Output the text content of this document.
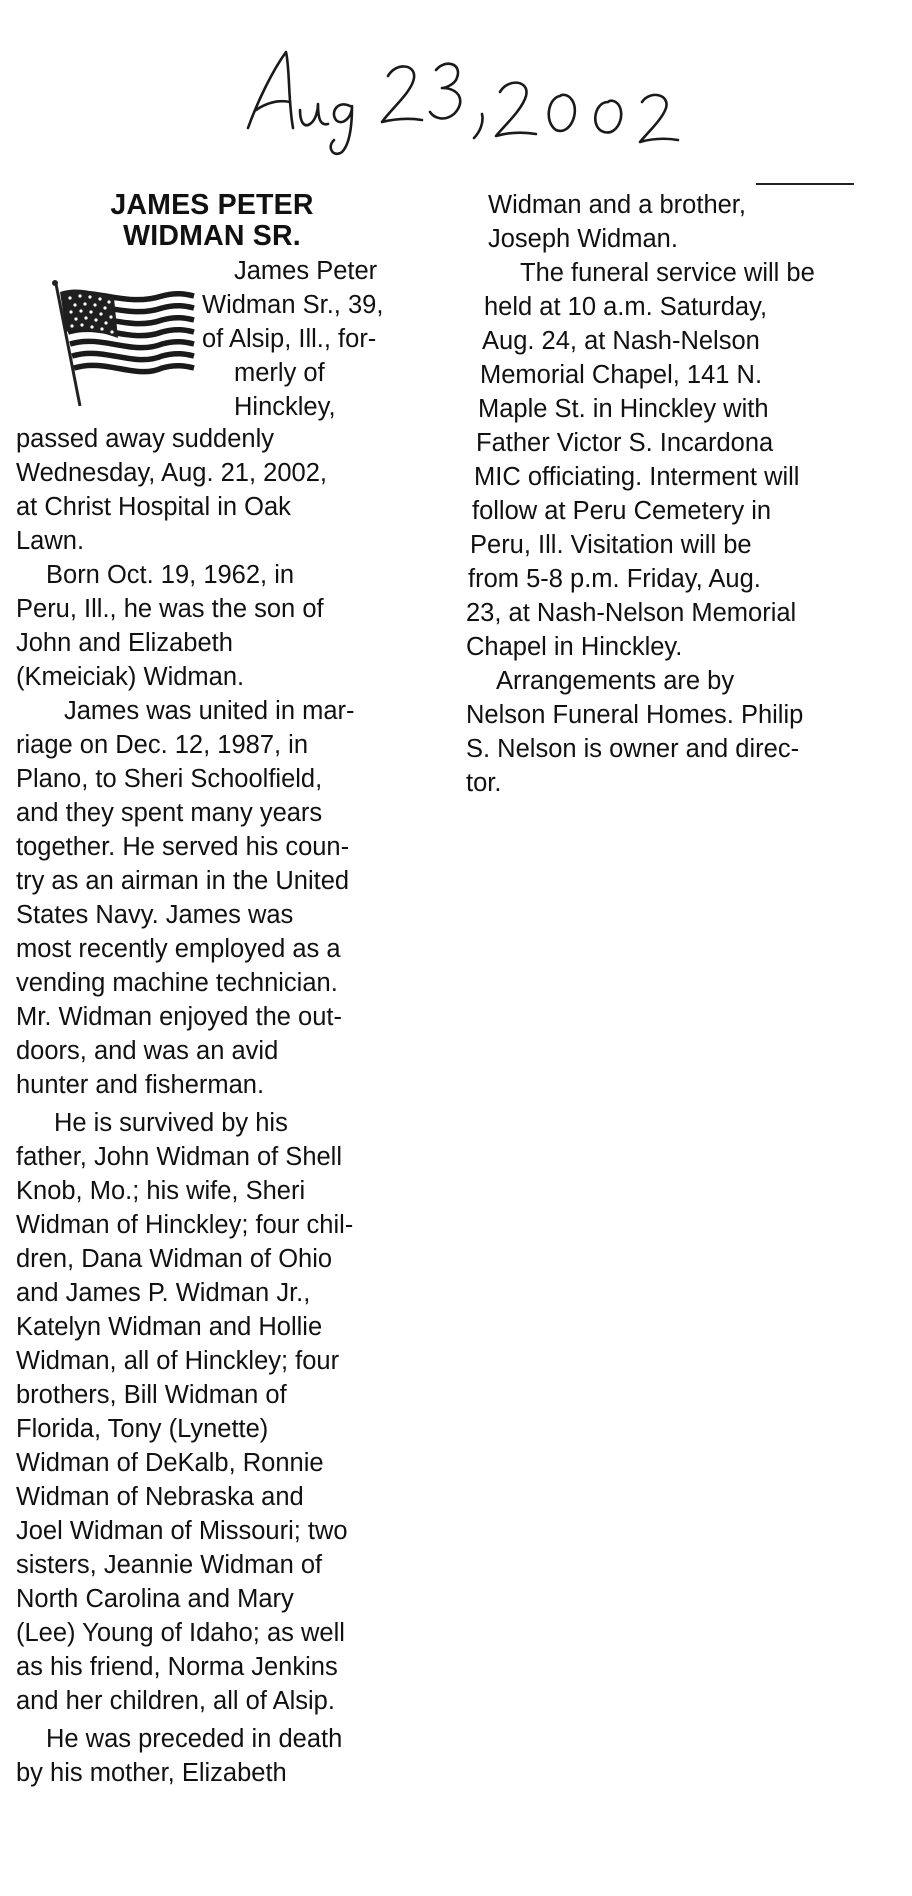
JAMES PETER
WIDMAN SR.
James Peter
Widman Sr., 39,
of Alsip, Ill., for-
merly of
Hinckley,
passed away suddenly
Wednesday, Aug. 21, 2002,
at Christ Hospital in Oak
Lawn.
Born Oct. 19, 1962, in
Peru, Ill., he was the son of
John and Elizabeth
(Kmeiciak) Widman.
James was united in mar-
riage on Dec. 12, 1987, in
Plano, to Sheri Schoolfield,
and they spent many years
together. He served his coun-
try as an airman in the United
States Navy. James was
most recently employed as a
vending machine technician.
Mr. Widman enjoyed the out-
doors, and was an avid
hunter and fisherman.
He is survived by his
father, John Widman of Shell
Knob, Mo.; his wife, Sheri
Widman of Hinckley; four chil-
dren, Dana Widman of Ohio
and James P. Widman Jr.,
Katelyn Widman and Hollie
Widman, all of Hinckley; four
brothers, Bill Widman of
Florida, Tony (Lynette)
Widman of DeKalb, Ronnie
Widman of Nebraska and
Joel Widman of Missouri; two
sisters, Jeannie Widman of
North Carolina and Mary
(Lee) Young of Idaho; as well
as his friend, Norma Jenkins
and her children, all of Alsip.
He was preceded in death
by his mother, Elizabeth
Widman and a brother,
Joseph Widman.
The funeral service will be
held at 10 a.m. Saturday,
Aug. 24, at Nash-Nelson
Memorial Chapel, 141 N.
Maple St. in Hinckley with
Father Victor S. Incardona
MIC officiating. Interment will
follow at Peru Cemetery in
Peru, Ill. Visitation will be
from 5-8 p.m. Friday, Aug.
23, at Nash-Nelson Memorial
Chapel in Hinckley.
Arrangements are by
Nelson Funeral Homes. Philip
S. Nelson is owner and direc-
tor.
